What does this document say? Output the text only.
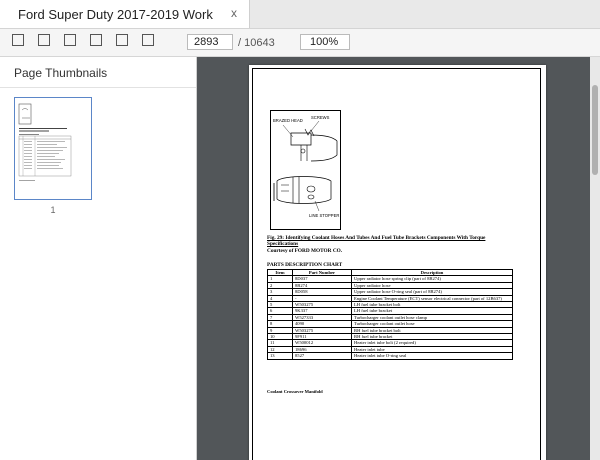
Ford Super Duty 2017-2019 Work	x
2893	/ 10643	100%
Page Thumbnails
1
BRAZED HEAD
SCREWS
LINE STOPPER
Fig. 29: Identifying Coolant Hoses And Tubes And Fuel Tube Brackets Components With Torque Specifications
Courtesy of FORD MOTOR CO.
PARTS DESCRIPTION CHART
Item	Part Number	Description
1	8D037	Upper radiator hose spring clip (part of 8B274)
2	8B274	Upper radiator hose
3	8D058	Upper radiator hose O-ring seal (part of 8B274)
4	-	Engine Coolant Temperature (ECT) sensor electrical connector (part of 12B637)
5	W503275	LH fuel tube bracket bolt
6	9K337	LH fuel tube bracket
7	W527333	Turbocharger coolant outlet hose clamp
8	4090	Turbocharger coolant outlet hose
9	W503275	RH fuel tube bracket bolt
10	9F911	RH fuel tube bracket
11	W500012	Heater inlet tube bolt (2 required)
12	18696	Heater inlet tube
13	8527	Heater inlet tube O-ring seal
Coolant Crossover Manifold
